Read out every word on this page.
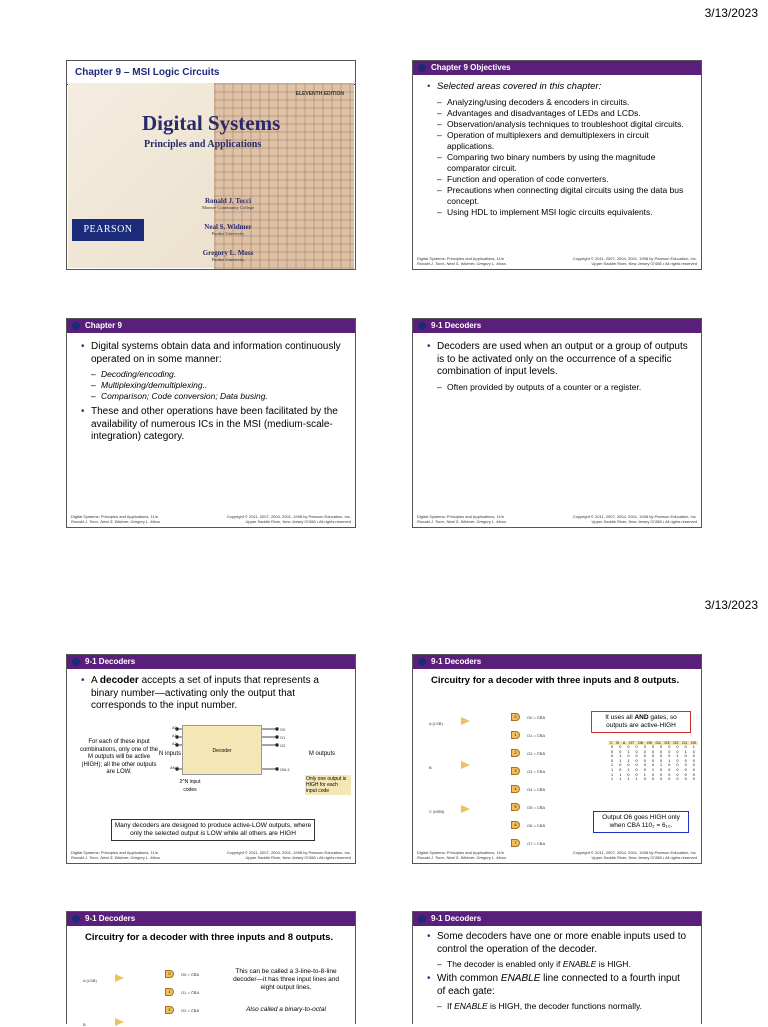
3/13/2023
3/13/2023
Chapter 9 – MSI Logic Circuits
ELEVENTH EDITION
Digital Systems
Principles and Applications
PEARSON
Ronald J. Tocci
Monroe Community College
Neal S. Widmer
Purdue University
Gregory L. Moss
Purdue University
Chapter 9 Objectives
• Selected areas covered in this chapter:
– Analyzing/using decoders & encoders in circuits.
– Advantages and disadvantages of LEDs and LCDs.
– Observation/analysis techniques to troubleshoot digital circuits.
– Operation of multiplexers and demultiplexers in circuit applications.
– Comparing two binary numbers by using the magnitude comparator circuit.
– Function and operation of code converters.
– Precautions when connecting digital circuits using the data bus concept.
– Using HDL to implement MSI logic circuits equivalents.
Digital Systems: Principles and Applications, 11/e
Ronald J. Tocci, Neal S. Widmer, Gregory L. Moss
Copyright © 2011, 2007, 2004, 2001, 1998 by Pearson Education, Inc.
Upper Saddle River, New Jersey 07458 • All rights reserved
Chapter 9
• Digital systems obtain data and information continuously operated on in some manner:
– Decoding/encoding.
– Multiplexing/demultiplexing..
– Comparison; Code conversion; Data busing.
• These and other operations have been facilitated by the availability of numerous ICs in the MSI (medium-scale-integration) category.
Digital Systems: Principles and Applications, 11/e
Ronald J. Tocci, Neal S. Widmer, Gregory L. Moss
Copyright © 2011, 2007, 2004, 2001, 1998 by Pearson Education, Inc.
Upper Saddle River, New Jersey 07458 • All rights reserved
9-1 Decoders
• Decoders are used when an output or a group of outputs is to be activated only on the occurrence of a specific combination of input levels.
– Often provided by outputs of a counter or a register.
Digital Systems: Principles and Applications, 11/e
Ronald J. Tocci, Neal S. Widmer, Gregory L. Moss
Copyright © 2011, 2007, 2004, 2001, 1998 by Pearson Education, Inc.
Upper Saddle River, New Jersey 07458 • All rights reserved
9-1 Decoders
• A decoder accepts a set of inputs that represents a binary number—activating only the output that corresponds to the input number.
For each of these input combinations, only one of the M outputs will be active (HIGH); all the other outputs are LOW.
N inputs	M outputs
Decoder
A0
A1
A2
AN-1
O0
O1
O2
OM-1
2^N input codes
Only one output is HIGH for each input code
Many decoders are designed to produce active-LOW outputs, where only the selected output is LOW while all others are HIGH
Digital Systems: Principles and Applications, 11/e
Ronald J. Tocci, Neal S. Widmer, Gregory L. Moss
Copyright © 2011, 2007, 2004, 2001, 1998 by Pearson Education, Inc.
Upper Saddle River, New Jersey 07458 • All rights reserved
9-1 Decoders
Circuitry for a decoder with three inputs and 8 outputs.
It uses all AND gates, so outputs are active-HIGH
C B A O7 O6 O5 O4 O3 O2 O1 O0
0 0 0 0 0 0 0 0 0 0 1
0 0 1 0 0 0 0 0 0 1 0
0 1 0 0 0 0 0 0 1 0 0
0 1 1 0 0 0 0 1 0 0 0
1 0 0 0 0 0 1 0 0 0 0
1 0 1 0 0 1 0 0 0 0 0
1 1 0 0 1 0 0 0 0 0 0
1 1 1 1 0 0 0 0 0 0 0
Output O6 goes HIGH only when CBA 110₂ = 6₁₀.
Digital Systems: Principles and Applications, 11/e
Ronald J. Tocci, Neal S. Widmer, Gregory L. Moss
Copyright © 2011, 2007, 2004, 2001, 1998 by Pearson Education, Inc.
Upper Saddle River, New Jersey 07458 • All rights reserved
A (LSB)
B
C (MSB)
0	O0 = C̄B̄Ā
1	O1 = C̄B̄A
2	O2 = C̄BĀ
3	O3 = C̄BA
4	O4 = CB̄Ā
5	O5 = CB̄A
6	O6 = CBĀ
7	O7 = CBA
9-1 Decoders
Circuitry for a decoder with three inputs and 8 outputs.
This can be called a 3-line-to-8-line decoder—it has three input lines and eight output lines.
Also called a binary-to-octal
A (LSB)
B
0	O0 = C̄B̄Ā
1	O1 = C̄B̄A
2	O2 = C̄BĀ
9-1 Decoders
• Some decoders have one or more enable inputs used to control the operation of the decoder.
– The decoder is enabled only if ENABLE is HIGH.
• With common ENABLE line connected to a fourth input of each gate:
– If ENABLE is HIGH, the decoder functions normally.
